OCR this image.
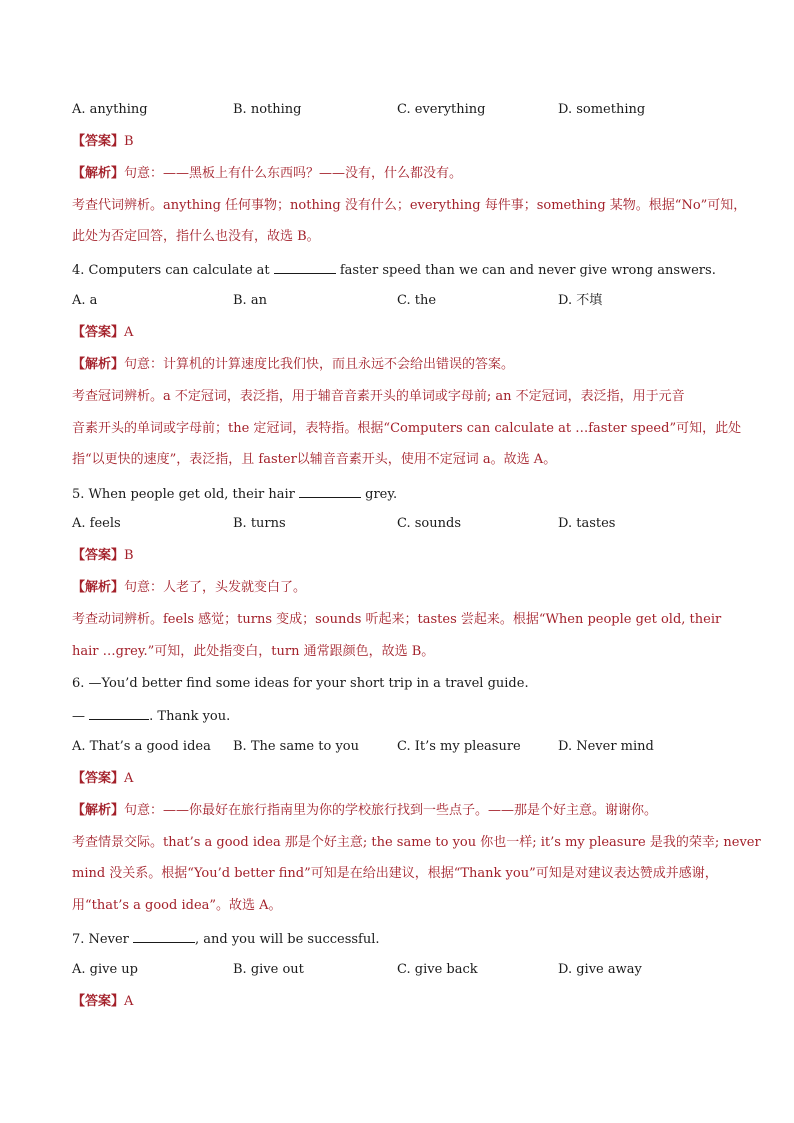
A. anything	B. nothing	C. everything	D. something
【答案】B
【解析】句意：——黑板上有什么东西吗？——没有，什么都没有。
考查代词辨析。anything 任何事物；nothing 没有什么；everything 每件事；something 某物。根据“No”可知，
此处为否定回答，指什么也没有，故选 B。
4. Computers can calculate at	faster speed than we can and never give wrong answers.
A. a	B. an	C. the	D. 不填
【答案】A
【解析】句意：计算机的计算速度比我们快，而且永远不会给出错误的答案。
考查冠词辨析。a 不定冠词，表泛指，用于辅音音素开头的单词或字母前; an 不定冠词，表泛指，用于元音
音素开头的单词或字母前；the 定冠词，表特指。根据“Computers can calculate at …faster speed”可知，此处
指“以更快的速度”，表泛指，且 faster以辅音音素开头，使用不定冠词 a。故选 A。
5. When people get old, their hair	grey.
A. feels	B. turns	C. sounds	D. tastes
【答案】B
【解析】句意：人老了，头发就变白了。
考查动词辨析。feels 感觉；turns 变成；sounds 听起来；tastes 尝起来。根据“When people get old, their
hair …grey.”可知，此处指变白，turn 通常跟颜色，故选 B。
6. —You’d better find some ideas for your short trip in a travel guide.
—	. Thank you.
A. That’s a good idea B. The same to you	C. It’s my pleasure	D. Never mind
【答案】A
【解析】句意：——你最好在旅行指南里为你的学校旅行找到一些点子。——那是个好主意。谢谢你。
考查情景交际。that’s a good idea 那是个好主意; the same to you 你也一样; it’s my pleasure 是我的荣幸; never
mind 没关系。根据“You’d better find”可知是在给出建议，根据“Thank you”可知是对建议表达赞成并感谢，
用“that’s a good idea”。故选 A。
7. Never	, and you will be successful.
A. give up	B. give out	C. give back	D. give away
【答案】A
